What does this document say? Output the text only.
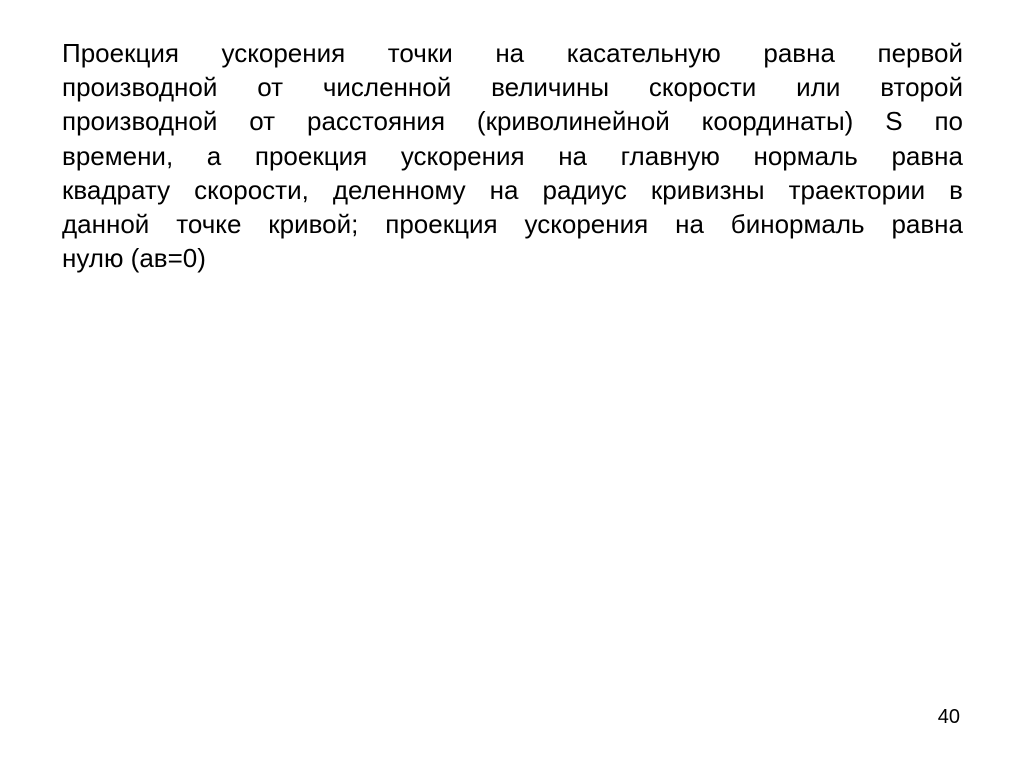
Проекция ускорения точки на касательную равна первой
производной от численной величины скорости или второй
производной от расстояния (криволинейной координаты) S по
времени, а проекция ускорения на главную нормаль равна
квадрату скорости, деленному на радиус кривизны траектории в
данной точке кривой; проекция ускорения на бинормаль равна
нулю (aв=0)
40
